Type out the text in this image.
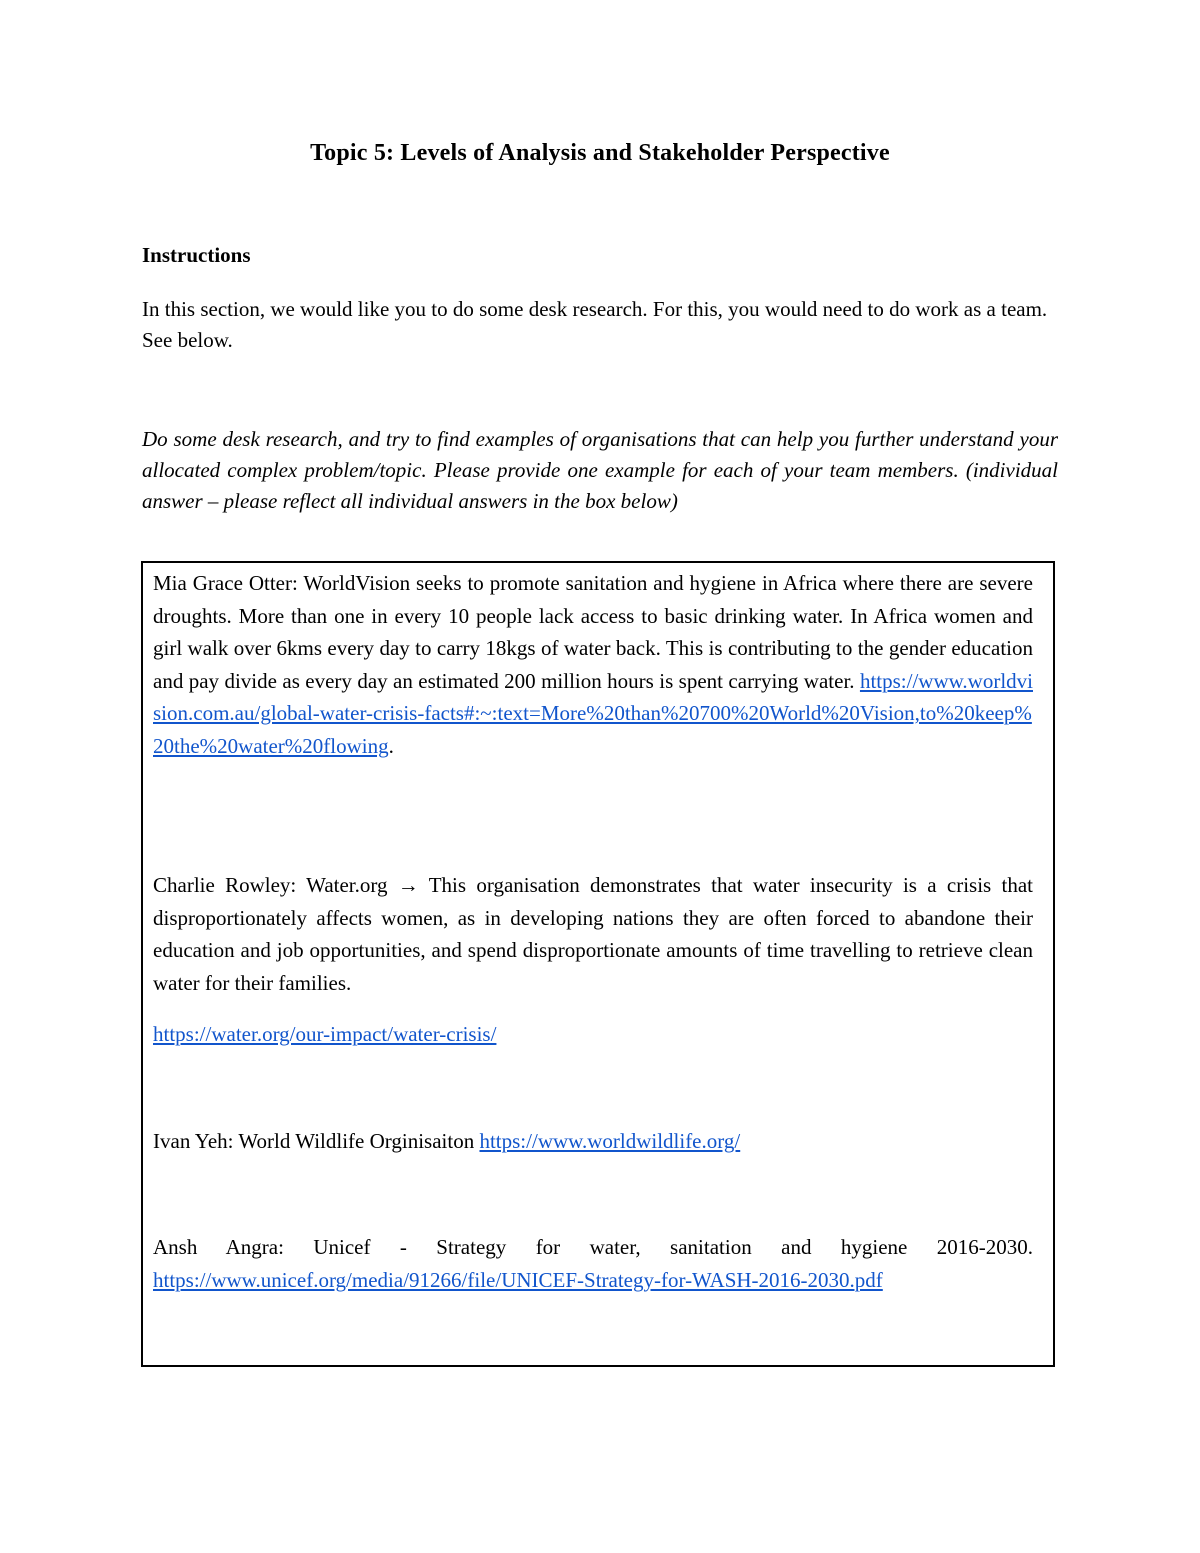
Topic 5: Levels of Analysis and Stakeholder Perspective
Instructions

In this section, we would like you to do some desk research. For this, you would need to do work as a team. See below.

Do some desk research, and try to find examples of organisations that can help you further understand your allocated complex problem/topic. Please provide one example for each of your team members. (individual answer – please reflect all individual answers in the box below)

Mia Grace Otter: WorldVision seeks to promote sanitation and hygiene in Africa where there are severe droughts. More than one in every 10 people lack access to basic drinking water. In Africa women and girl walk over 6kms every day to carry 18kgs of water back. This is contributing to the gender education and pay divide as every day an estimated 200 million hours is spent carrying water. https://www.worldvision.com.au/global-water-crisis-facts#:~:text=More%20than%20700%20World%20Vision,to%20keep%20the%20water%20flowing.

Charlie Rowley: Water.org → This organisation demonstrates that water insecurity is a crisis that disproportionately affects women, as in developing nations they are often forced to abandone their education and job opportunities, and spend disproportionate amounts of time travelling to retrieve clean water for their families.

https://water.org/our-impact/water-crisis/

Ivan Yeh: World Wildlife Orginisaiton https://www.worldwildlife.org/

Ansh Angra: Unicef - Strategy for water, sanitation and hygiene 2016-2030. https://www.unicef.org/media/91266/file/UNICEF-Strategy-for-WASH-2016-2030.pdf
